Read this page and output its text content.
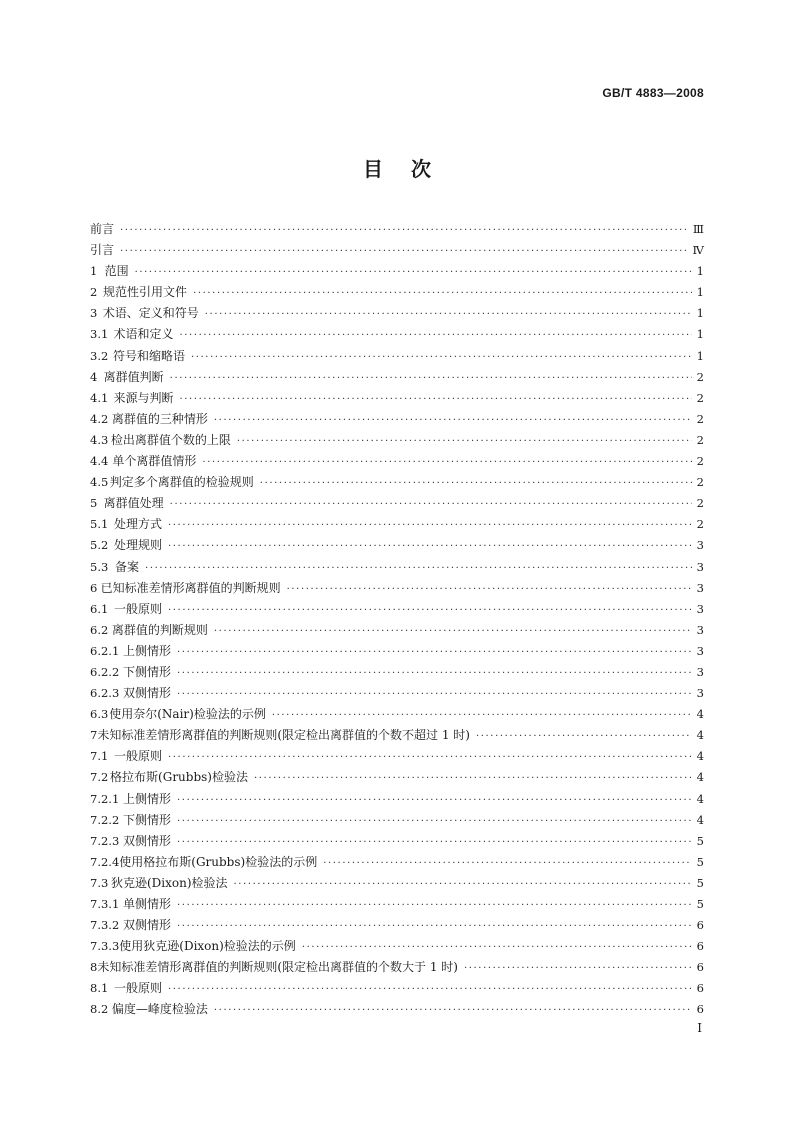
GB/T 4883—2008
目次
前言 ·····	Ⅲ
引言 ·····	Ⅳ
1 范围 ·····	1
2 规范性引用文件 ·····	1
3 术语、定义和符号 ·····	1
3.1 术语和定义 ·····	1
3.2 符号和缩略语 ·····	1
4 离群值判断 ·····	2
4.1 来源与判断 ·····	2
4.2 离群值的三种情形 ·····	2
4.3 检出离群值个数的上限 ·····	2
4.4 单个离群值情形 ·····	2
4.5 判定多个离群值的检验规则 ·····	2
5 离群值处理 ·····	2
5.1 处理方式 ·····	2
5.2 处理规则 ·····	3
5.3 备案 ·····	3
6 已知标准差情形离群值的判断规则 ·····	3
6.1 一般原则 ·····	3
6.2 离群值的判断规则 ·····	3
6.2.1 上侧情形 ·····	3
6.2.2 下侧情形 ·····	3
6.2.3 双侧情形 ·····	3
6.3 使用奈尔(Nair)检验法的示例 ·····	4
7 未知标准差情形离群值的判断规则(限定检出离群值的个数不超过 1 时) ·····	4
7.1 一般原则 ·····	4
7.2 格拉布斯(Grubbs)检验法 ·····	4
7.2.1 上侧情形 ·····	4
7.2.2 下侧情形 ·····	4
7.2.3 双侧情形 ·····	5
7.2.4 使用格拉布斯(Grubbs)检验法的示例 ·····	5
7.3 狄克逊(Dixon)检验法 ·····	5
7.3.1 单侧情形 ·····	5
7.3.2 双侧情形 ·····	6
7.3.3 使用狄克逊(Dixon)检验法的示例 ·····	6
8 未知标准差情形离群值的判断规则(限定检出离群值的个数大于 1 时) ·····	6
8.1 一般原则 ·····	6
8.2 偏度—峰度检验法 ·····	6
Ⅰ
